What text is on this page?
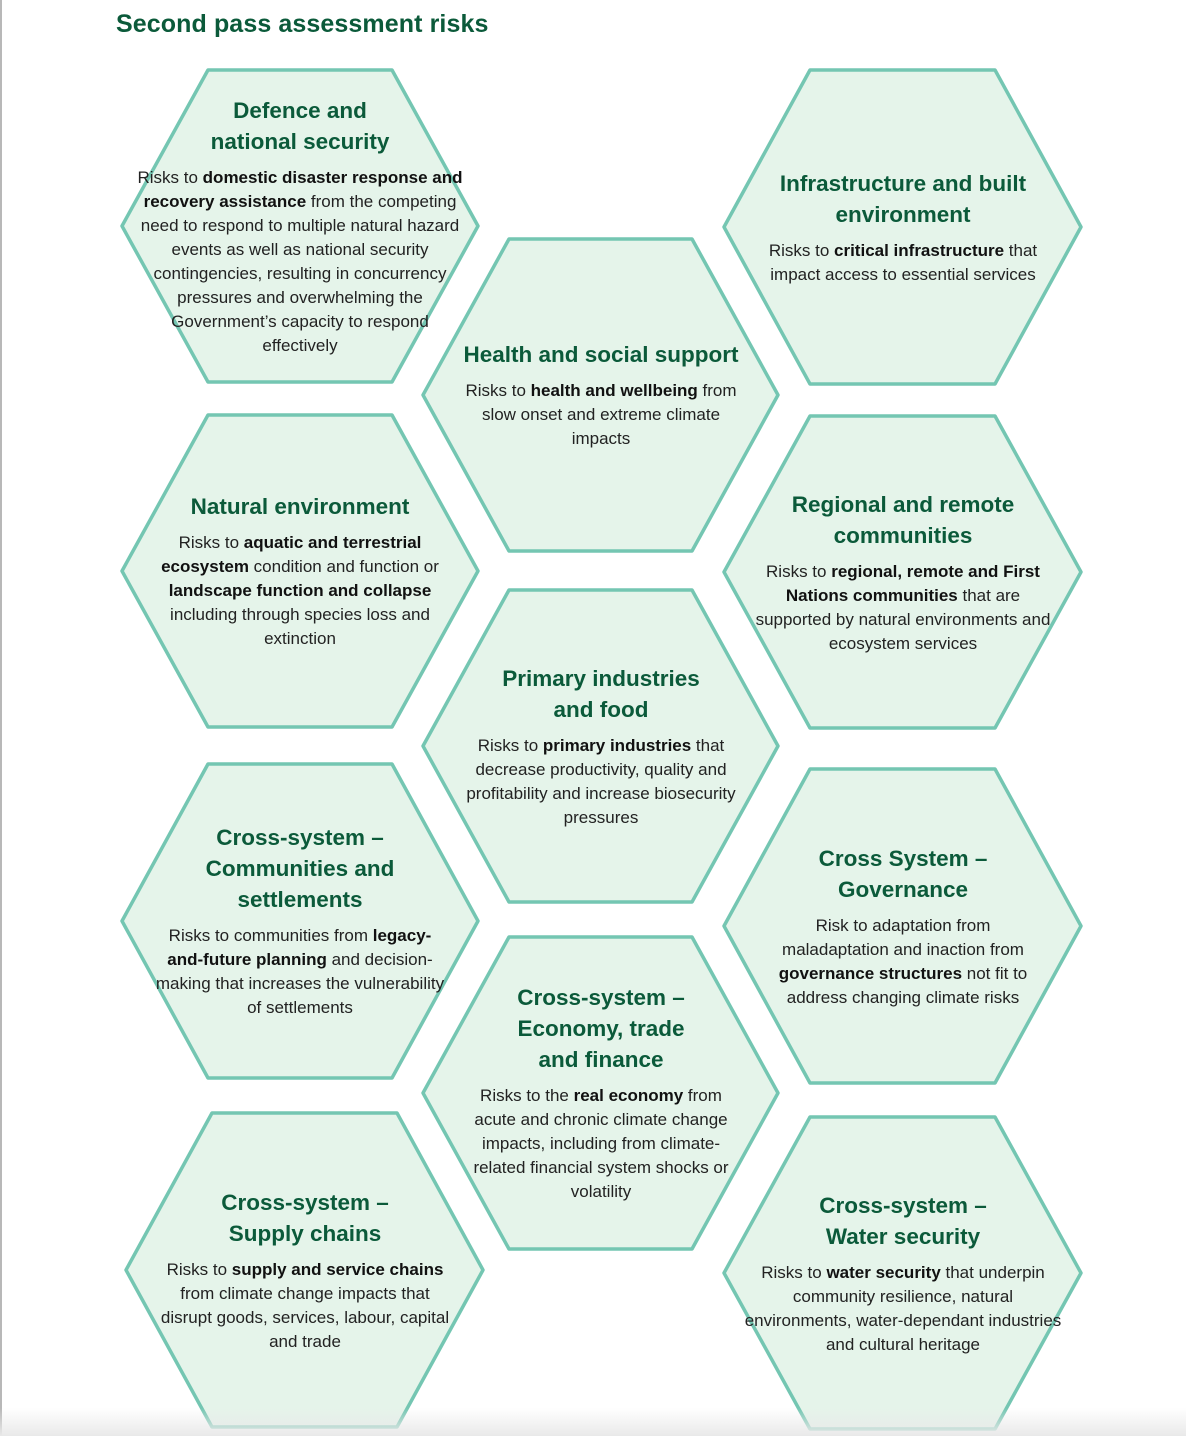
Second pass assessment risks
Defence and
national security

Risks to domestic disaster response and recovery assistance from the competing need to respond to multiple natural hazard events as well as national security contingencies, resulting in concurrency pressures and overwhelming the Government’s capacity to respond effectively

Infrastructure and built
environment

Risks to critical infrastructure that impact access to essential services

Health and social support

Risks to health and wellbeing from slow onset and extreme climate impacts

Natural environment

Risks to aquatic and terrestrial ecosystem condition and function or landscape function and collapse including through species loss and extinction

Regional and remote
communities

Risks to regional, remote and First Nations communities that are supported by natural environments and ecosystem services

Primary industries
and food

Risks to primary industries that decrease productivity, quality and profitability and increase biosecurity pressures

Cross-system –
Communities and
settlements

Risks to communities from legacy-and-future planning and decision-making that increases the vulnerability of settlements

Cross System –
Governance

Risk to adaptation from maladaptation and inaction from governance structures not fit to address changing climate risks

Cross-system –
Economy, trade
and finance

Risks to the real economy from acute and chronic climate change impacts, including from climate-related financial system shocks or volatility

Cross-system –
Supply chains

Risks to supply and service chains from climate change impacts that disrupt goods, services, labour, capital and trade

Cross-system –
Water security

Risks to water security that underpin community resilience, natural environments, water-dependant industries and cultural heritage
